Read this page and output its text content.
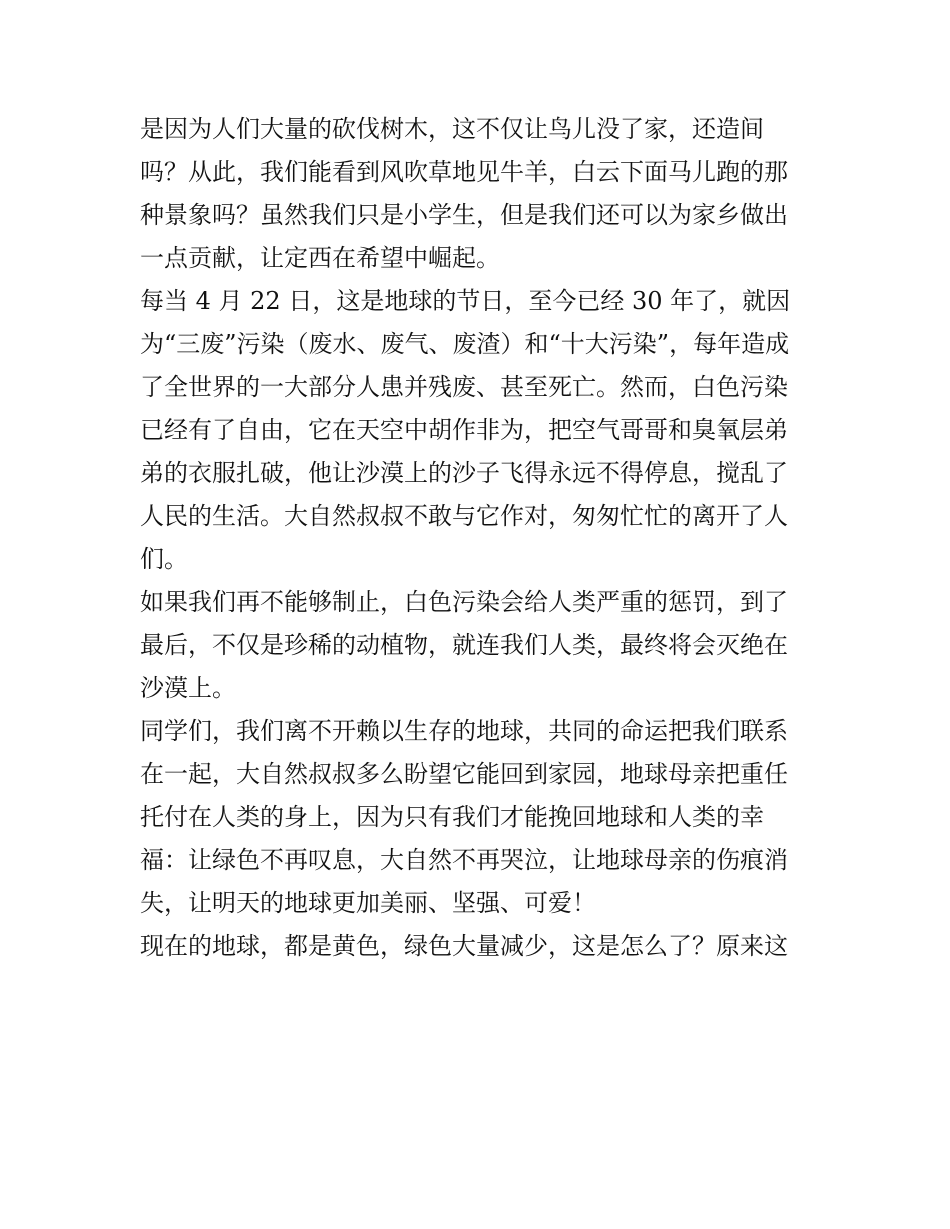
是因为人们大量的砍伐树木，这不仅让鸟儿没了家，还造间
吗？从此，我们能看到风吹草地见牛羊，白云下面马儿跑的那
种景象吗？虽然我们只是小学生，但是我们还可以为家乡做出
一点贡献，让定西在希望中崛起。
每当 4 月 22 日，这是地球的节日，至今已经 30 年了，就因
为“三废”污染（废水、废气、废渣）和“十大污染”，每年造成
了全世界的一大部分人患并残废、甚至死亡。然而，白色污染
已经有了自由，它在天空中胡作非为，把空气哥哥和臭氧层弟
弟的衣服扎破，他让沙漠上的沙子飞得永远不得停息，搅乱了
人民的生活。大自然叔叔不敢与它作对，匆匆忙忙的离开了人
们。
如果我们再不能够制止，白色污染会给人类严重的惩罚，到了
最后，不仅是珍稀的动植物，就连我们人类，最终将会灭绝在
沙漠上。
同学们，我们离不开赖以生存的地球，共同的命运把我们联系
在一起，大自然叔叔多么盼望它能回到家园，地球母亲把重任
托付在人类的身上，因为只有我们才能挽回地球和人类的幸
福：让绿色不再叹息，大自然不再哭泣，让地球母亲的伤痕消
失，让明天的地球更加美丽、坚强、可爱！
现在的地球，都是黄色，绿色大量减少，这是怎么了？原来这
